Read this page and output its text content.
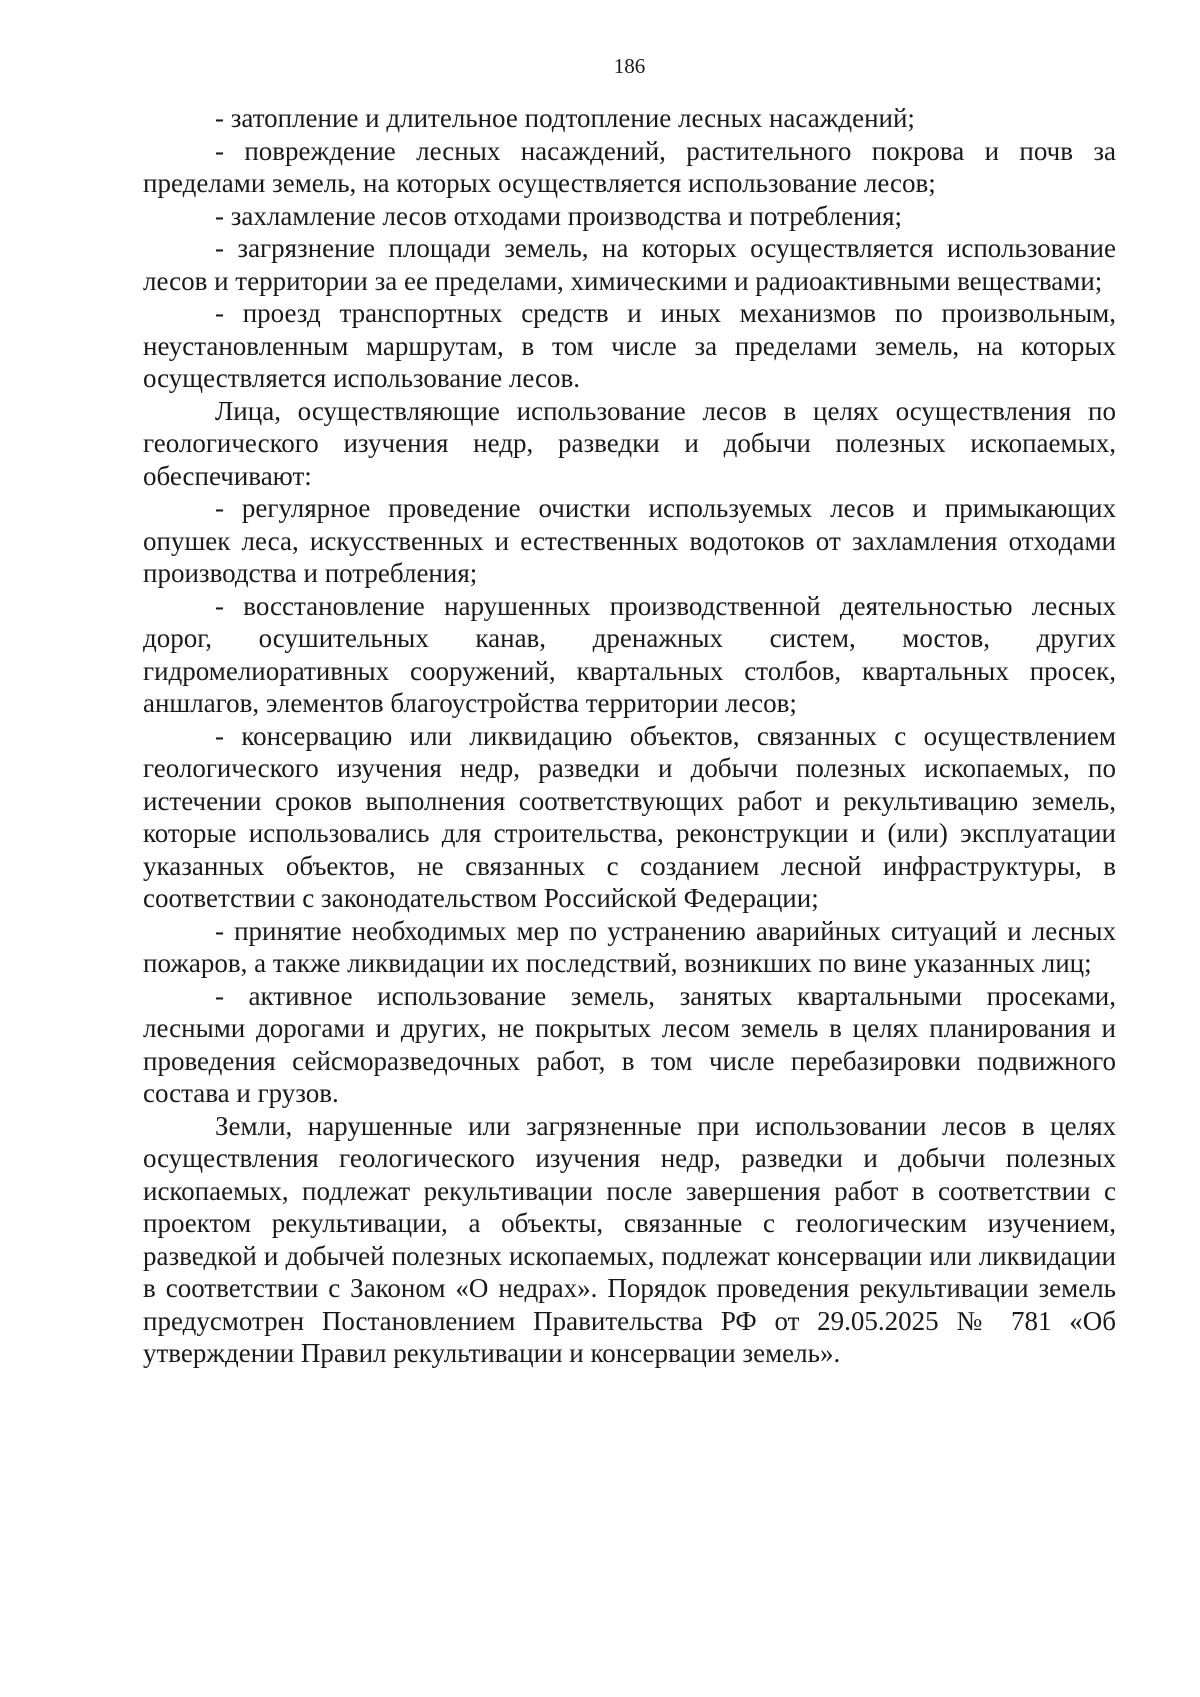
186

- затопление и длительное подтопление лесных насаждений;

- повреждение лесных насаждений, растительного покрова и почв за пределами земель, на которых осуществляется использование лесов;

- захламление лесов отходами производства и потребления;

- загрязнение площади земель, на которых осуществляется использование лесов и территории за ее пределами, химическими и радиоактивными веществами;

- проезд транспортных средств и иных механизмов по произвольным, неустановленным маршрутам, в том числе за пределами земель, на которых осуществляется использование лесов.

Лица, осуществляющие использование лесов в целях осуществления по геологического изучения недр, разведки и добычи полезных ископаемых, обеспечивают:

- регулярное проведение очистки используемых лесов и примыкающих опушек леса, искусственных и естественных водотоков от захламления отходами производства и потребления;

- восстановление нарушенных производственной деятельностью лесных дорог, осушительных канав, дренажных систем, мостов, других гидромелиоративных сооружений, квартальных столбов, квартальных просек, аншлагов, элементов благоустройства территории лесов;

- консервацию или ликвидацию объектов, связанных с осуществлением геологического изучения недр, разведки и добычи полезных ископаемых, по истечении сроков выполнения соответствующих работ и рекультивацию земель, которые использовались для строительства, реконструкции и (или) эксплуатации указанных объектов, не связанных с созданием лесной инфраструктуры, в соответствии с законодательством Российской Федерации;

- принятие необходимых мер по устранению аварийных ситуаций и лесных пожаров, а также ликвидации их последствий, возникших по вине указанных лиц;

- активное использование земель, занятых квартальными просеками, лесными дорогами и других, не покрытых лесом земель в целях планирования и проведения сейсморазведочных работ, в том числе перебазировки подвижного состава и грузов.

Земли, нарушенные или загрязненные при использовании лесов в целях осуществления геологического изучения недр, разведки и добычи полезных ископаемых, подлежат рекультивации после завершения работ в соответствии с проектом рекультивации, а объекты, связанные с геологическим изучением, разведкой и добычей полезных ископаемых, подлежат консервации или ликвидации в соответствии с Законом «О недрах». Порядок проведения рекультивации земель предусмотрен Постановлением Правительства РФ от 29.05.2025 № 781 «Об утверждении Правил рекультивации и консервации земель».
